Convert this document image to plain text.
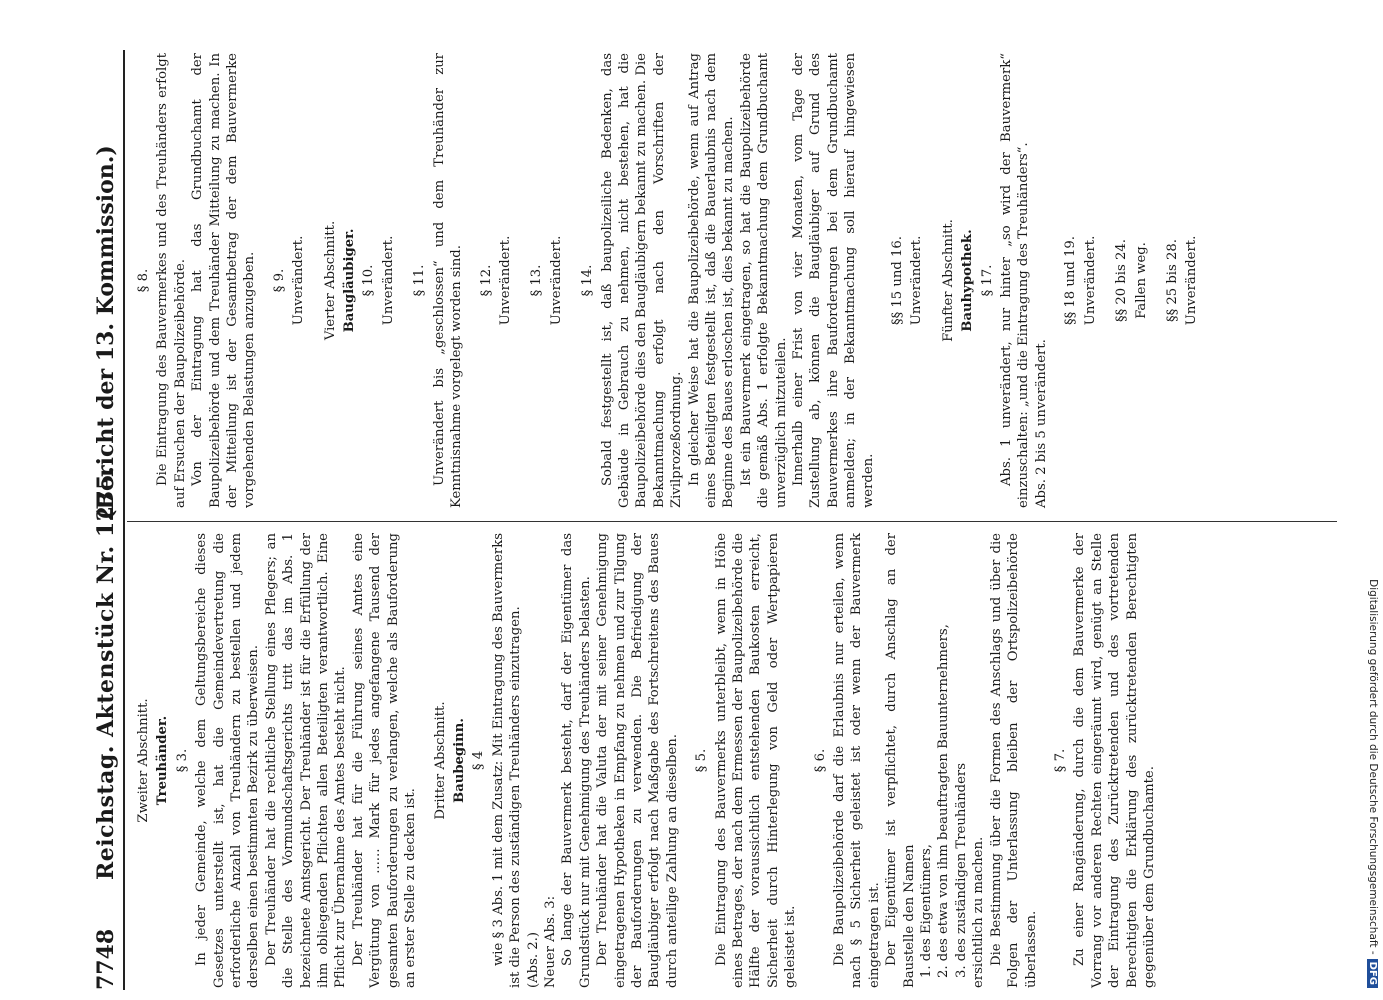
7748
Reichstag. Aktenstück Nr. 1275.
(Bericht der 13. Kommission.)

Zweiter Abschnitt. Treuhänder. § 3. In jeder Gemeinde, welche dem Geltungsbereiche dieses Gesetzes unterstellt ist, hat die Gemeindevertretung die erforderliche Anzahl von Treuhändern zu bestellen und jedem derselben einen bestimmten Bezirk zu überweisen. Der Treuhänder hat die rechtliche Stellung eines Pflegers; an die Stelle des Vormundschaftsgerichts tritt das im Abs. 1 bezeichnete Amtsgericht. Der Treuhänder ist für die Erfüllung der ihm obliegenden Pflichten allen Beteiligten verantwortlich. Eine Pflicht zur Übernahme des Amtes besteht nicht. Der Treuhänder hat für die Führung seines Amtes eine Vergütung von ...... Mark für jedes angefangene Tausend der gesamten Bauforderungen zu verlangen, welche als Bauforderung an erster Stelle zu decken ist.

Dritter Abschnitt. Baubeginn. § 4 wie § 3 Abs. 1 mit dem Zusatz: Mit Eintragung des Bauvermerks ist die Person des zuständigen Treuhänders einzutragen. (Abs. 2.) Neuer Abs. 3: So lange der Bauvermerk besteht, darf der Eigentümer das Grundstück nur mit Genehmigung des Treuhänders belasten. Der Treuhänder hat die Valuta der mit seiner Genehmigung eingetragenen Hypotheken in Empfang zu nehmen und zur Tilgung der Bauforderungen zu verwenden. Die Befriedigung der Baugläubiger erfolgt nach Maßgabe des Fortschreitens des Baues durch anteilige Zahlung an dieselben. § 5. Die Eintragung des Bauvermerks unterbleibt, wenn in Höhe eines Betrages, der nach dem Ermessen der Baupolizeibehörde die Hälfte der voraussichtlich entstehenden Baukosten erreicht, Sicherheit durch Hinterlegung von Geld oder Wertpapieren geleistet ist.

§ 6. Die Baupolizeibehörde darf die Erlaubnis nur erteilen, wenn nach § 5 Sicherheit geleistet ist oder wenn der Bauvermerk eingetragen ist. Der Eigentümer ist verpflichtet, durch Anschlag an der Baustelle den Namen 1. des Eigentümers, 2. des etwa von ihm beauftragten Bauunternehmers, 3. des zuständigen Treuhänders ersichtlich zu machen. Die Bestimmung über die Formen des Anschlags und über die Folgen der Unterlassung bleiben der Ortspolizeibehörde überlassen.

§ 7. Zu einer Rangänderung, durch die dem Bauvermerke der Vorrang vor anderen Rechten eingeräumt wird, genügt an Stelle der Eintragung des Zurücktretenden und des vortretenden Berechtigten die Erklärung des zurücktretenden Berechtigten gegenüber dem Grundbuchamte.

§ 8. Die Eintragung des Bauvermerkes und des Treuhänders erfolgt auf Ersuchen der Baupolizeibehörde. Von der Eintragung hat das Grundbuchamt der Baupolizeibehörde und dem Treuhänder Mitteilung zu machen. In der Mitteilung ist der Gesamtbetrag der dem Bauvermerke vorgehenden Belastungen anzugeben. § 9. Unverändert. Vierter Abschnitt. Baugläubiger. § 10. Unverändert. § 11. Unverändert bis „geschlossen“ und dem Treuhänder zur Kenntnisnahme vorgelegt worden sind. § 12. Unverändert. § 13. Unverändert. § 14. Sobald festgestellt ist, daß baupolizeiliche Bedenken, das Gebäude in Gebrauch zu nehmen, nicht bestehen, hat die Baupolizeibehörde dies den Baugläubigern bekannt zu machen. Die Bekanntmachung erfolgt nach den Vorschriften der Zivilprozeßordnung. In gleicher Weise hat die Baupolizeibehörde, wenn auf Antrag eines Beteiligten festgestellt ist, daß die Bauerlaubnis nach dem Beginne des Baues erloschen ist, dies bekannt zu machen. Ist ein Bauvermerk eingetragen, so hat die Baupolizeibehörde die gemäß Abs. 1 erfolgte Bekanntmachung dem Grundbuchamt unverzüglich mitzuteilen. Innerhalb einer Frist von vier Monaten, vom Tage der Zustellung ab, können die Baugläubiger auf Grund des Bauvermerkes ihre Bauforderungen bei dem Grundbuchamt anmelden; in der Bekanntmachung soll hierauf hingewiesen werden.

§§ 15 und 16. Unverändert. Fünfter Abschnitt. Bauhypothek. § 17. Abs. 1 unverändert, nur hinter „so wird der Bauvermerk“ einzuschalten: „und die Eintragung des Treuhänders“. Abs. 2 bis 5 unverändert.

§§ 18 und 19. Unverändert. §§ 20 bis 24. Fallen weg. §§ 25 bis 28. Unverändert.

Digitalisierung gefördert durch die Deutsche Forschungsgemeinschaft -DFG
